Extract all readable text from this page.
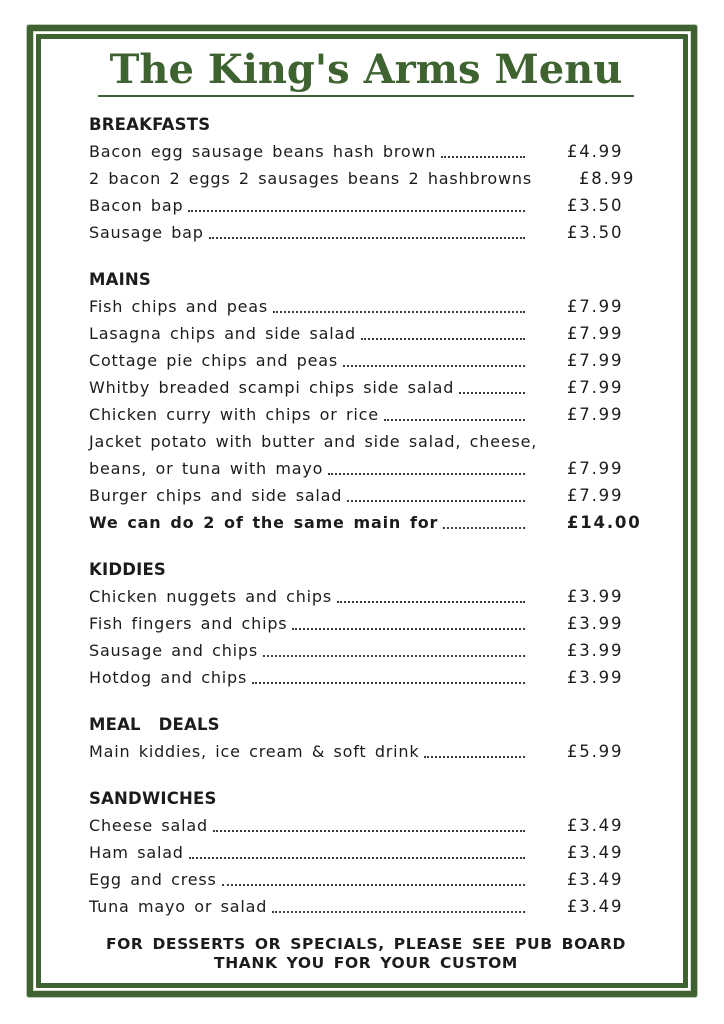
The King's Arms Menu
BREAKFASTS
Bacon egg sausage beans hash brown	£4.99
2 bacon 2 eggs 2 sausages beans 2 hashbrowns	£8.99
Bacon bap	£3.50
Sausage bap	£3.50
MAINS
Fish chips and peas	£7.99
Lasagna chips and side salad	£7.99
Cottage pie chips and peas	£7.99
Whitby breaded scampi chips side salad	£7.99
Chicken curry with chips or rice	£7.99
Jacket potato with butter and side salad, cheese,
beans, or tuna with mayo	£7.99
Burger chips and side salad	£7.99
We can do 2 of the same main for	£14.00
KIDDIES
Chicken nuggets and chips	£3.99
Fish fingers and chips	£3.99
Sausage and chips	£3.99
Hotdog and chips	£3.99
MEAL   DEALS
Main kiddies, ice cream & soft drink	£5.99
SANDWICHES
Cheese salad	£3.49
Ham salad	£3.49
Egg and cress	£3.49
Tuna mayo or salad	£3.49
FOR DESSERTS OR SPECIALS, PLEASE SEE PUB BOARD
THANK YOU FOR YOUR CUSTOM
